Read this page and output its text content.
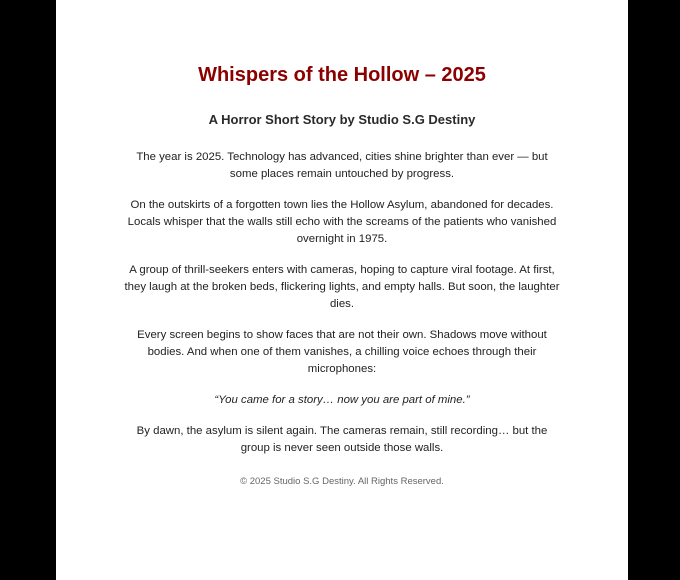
Whispers of the Hollow – 2025
A Horror Short Story by Studio S.G Destiny

The year is 2025. Technology has advanced, cities shine brighter than ever — but some places remain untouched by progress.

On the outskirts of a forgotten town lies the Hollow Asylum, abandoned for decades. Locals whisper that the walls still echo with the screams of the patients who vanished overnight in 1975.

A group of thrill-seekers enters with cameras, hoping to capture viral footage. At first, they laugh at the broken beds, flickering lights, and empty halls. But soon, the laughter dies.

Every screen begins to show faces that are not their own. Shadows move without bodies. And when one of them vanishes, a chilling voice echoes through their microphones:

“You came for a story… now you are part of mine.”

By dawn, the asylum is silent again. The cameras remain, still recording… but the group is never seen outside those walls.

© 2025 Studio S.G Destiny. All Rights Reserved.
